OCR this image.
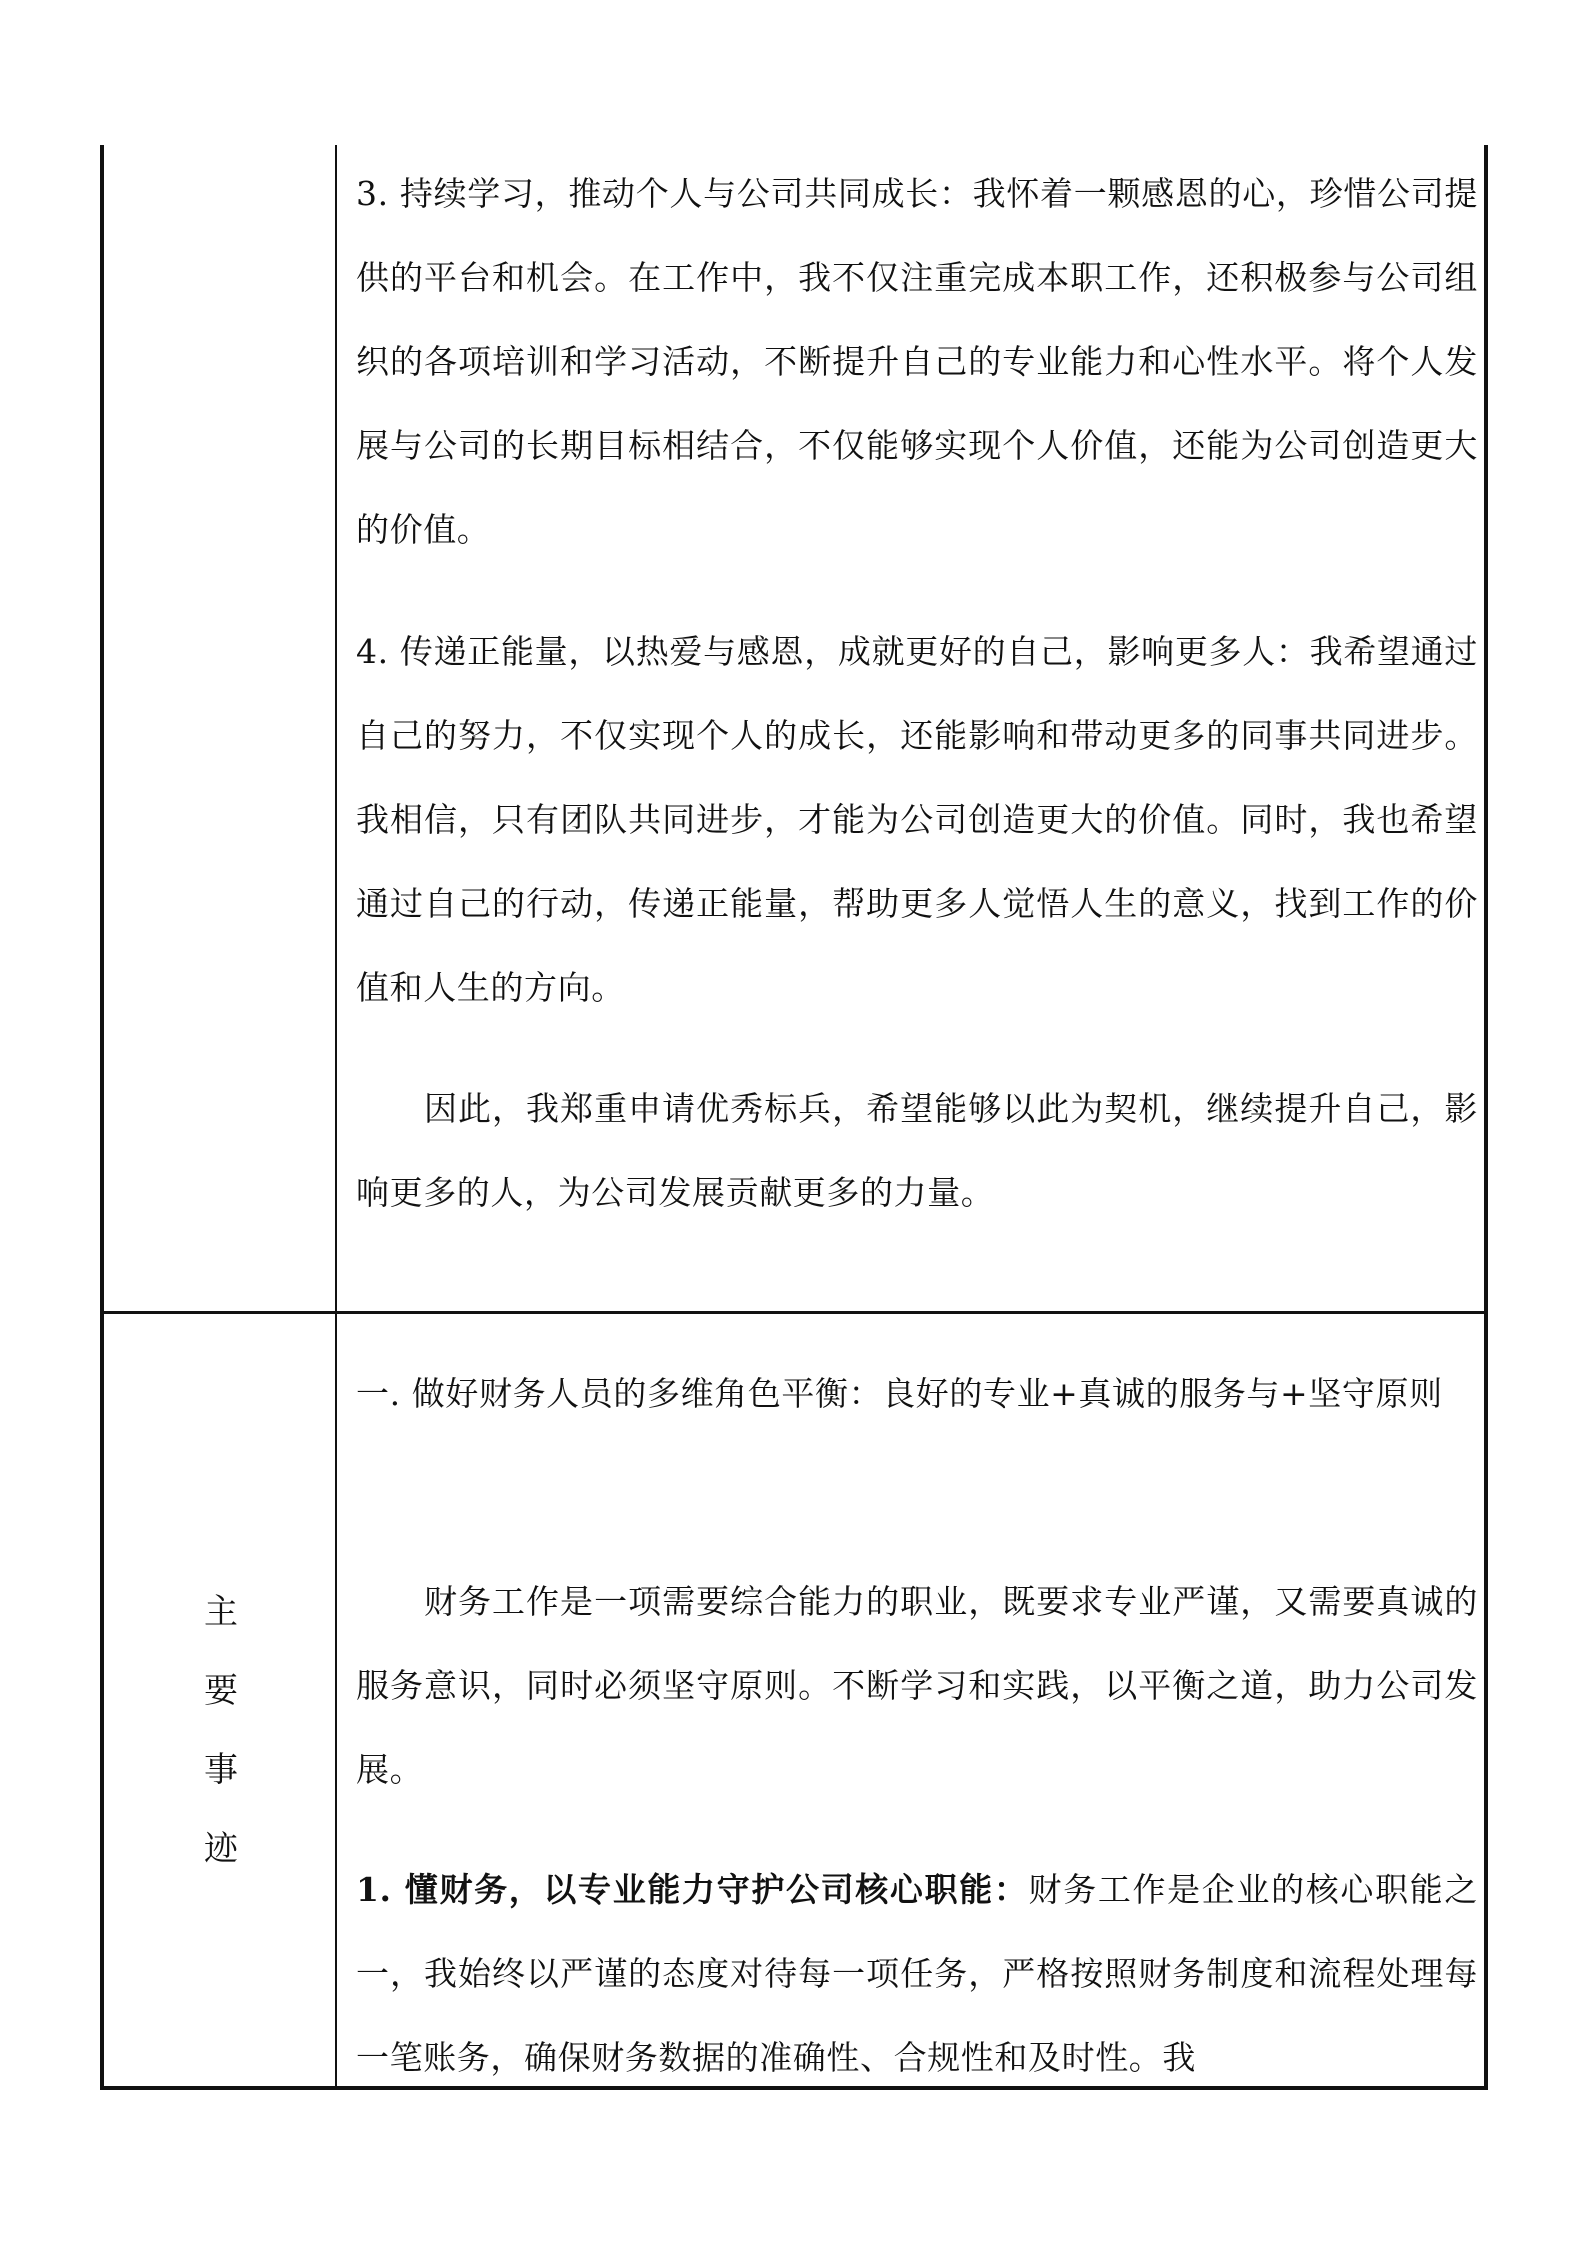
主
要
事
迹

3. 持续学习，推动个人与公司共同成长：我怀着一颗感恩的心，珍惜公司提供的平台和机会。在工作中，我不仅注重完成本职工作，还积极参与公司组织的各项培训和学习活动，不断提升自己的专业能力和心性水平。将个人发展与公司的长期目标相结合，不仅能够实现个人价值，还能为公司创造更大的价值。

4. 传递正能量，以热爱与感恩，成就更好的自己，影响更多人：我希望通过自己的努力，不仅实现个人的成长，还能影响和带动更多的同事共同进步。我相信，只有团队共同进步，才能为公司创造更大的价值。同时，我也希望通过自己的行动，传递正能量，帮助更多人觉悟人生的意义，找到工作的价值和人生的方向。

因此，我郑重申请优秀标兵，希望能够以此为契机，继续提升自己，影响更多的人，为公司发展贡献更多的力量。

一. 做好财务人员的多维角色平衡：良好的专业+真诚的服务与+坚守原则

财务工作是一项需要综合能力的职业，既要求专业严谨，又需要真诚的服务意识，同时必须坚守原则。不断学习和实践，以平衡之道，助力公司发展。

1. 懂财务，以专业能力守护公司核心职能：财务工作是企业的核心职能之一，我始终以严谨的态度对待每一项任务，严格按照财务制度和流程处理每一笔账务，确保财务数据的准确性、合规性和及时性。我
